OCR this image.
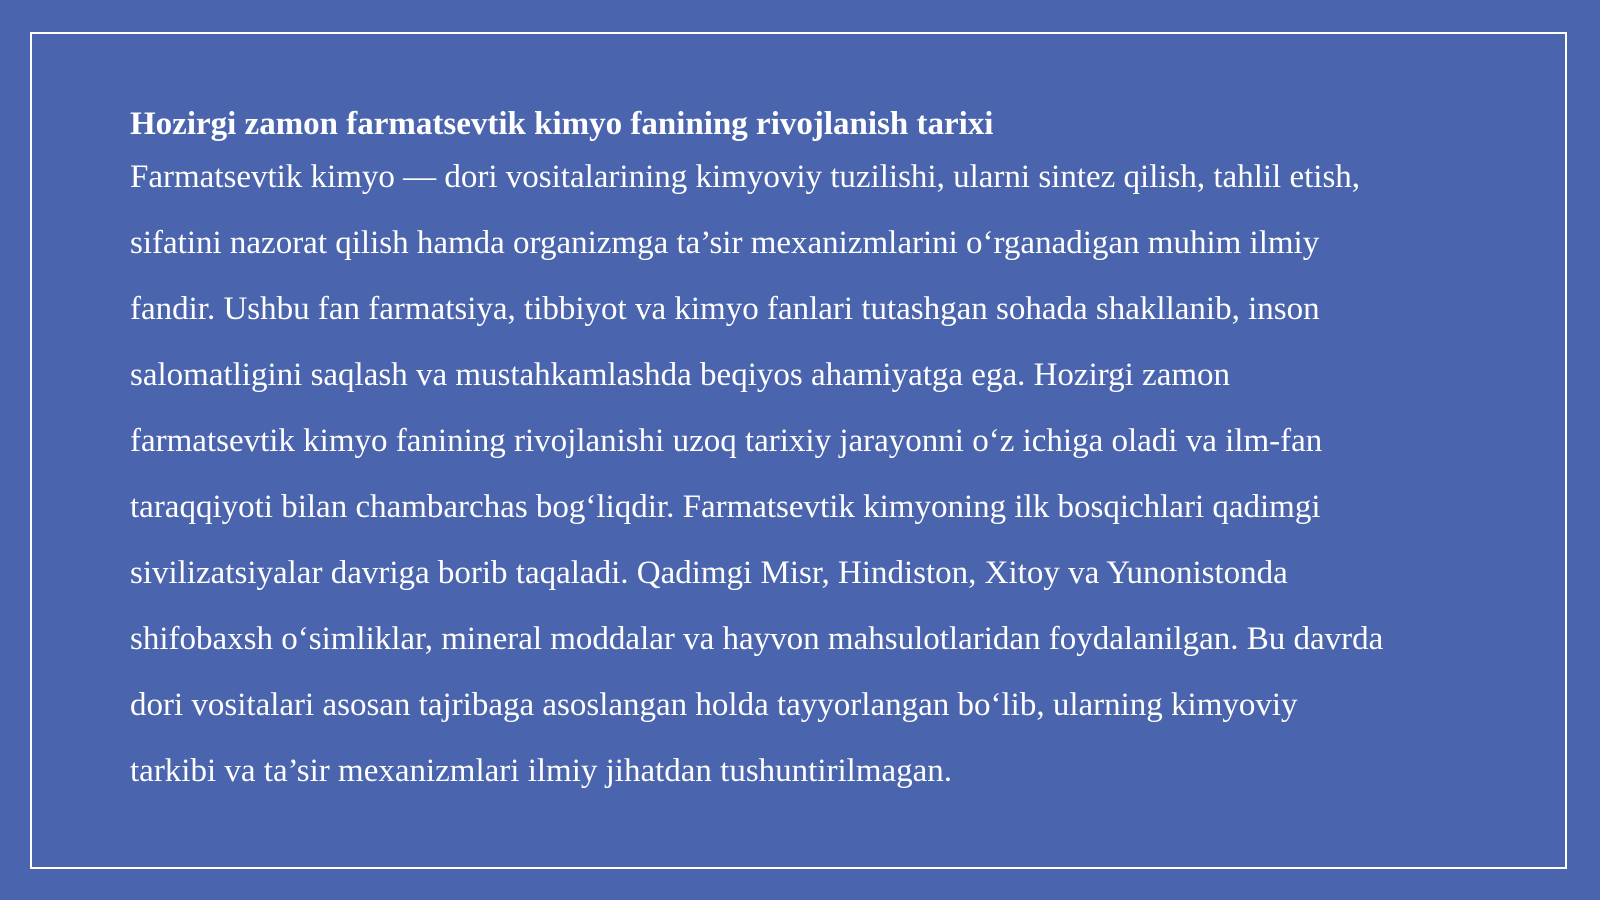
Hozirgi zamon farmatsevtik kimyo fanining rivojlanish tarixi

Farmatsevtik kimyo — dori vositalarining kimyoviy tuzilishi, ularni sintez qilish, tahlil etish,
sifatini nazorat qilish hamda organizmga ta’sir mexanizmlarini oʻrganadigan muhim ilmiy
fandir. Ushbu fan farmatsiya, tibbiyot va kimyo fanlari tutashgan sohada shakllanib, inson
salomatligini saqlash va mustahkamlashda beqiyos ahamiyatga ega. Hozirgi zamon
farmatsevtik kimyo fanining rivojlanishi uzoq tarixiy jarayonni oʻz ichiga oladi va ilm-fan
taraqqiyoti bilan chambarchas bogʻliqdir. Farmatsevtik kimyoning ilk bosqichlari qadimgi
sivilizatsiyalar davriga borib taqaladi. Qadimgi Misr, Hindiston, Xitoy va Yunonistonda
shifobaxsh oʻsimliklar, mineral moddalar va hayvon mahsulotlaridan foydalanilgan. Bu davrda
dori vositalari asosan tajribaga asoslangan holda tayyorlangan boʻlib, ularning kimyoviy
tarkibi va ta’sir mexanizmlari ilmiy jihatdan tushuntirilmagan.
